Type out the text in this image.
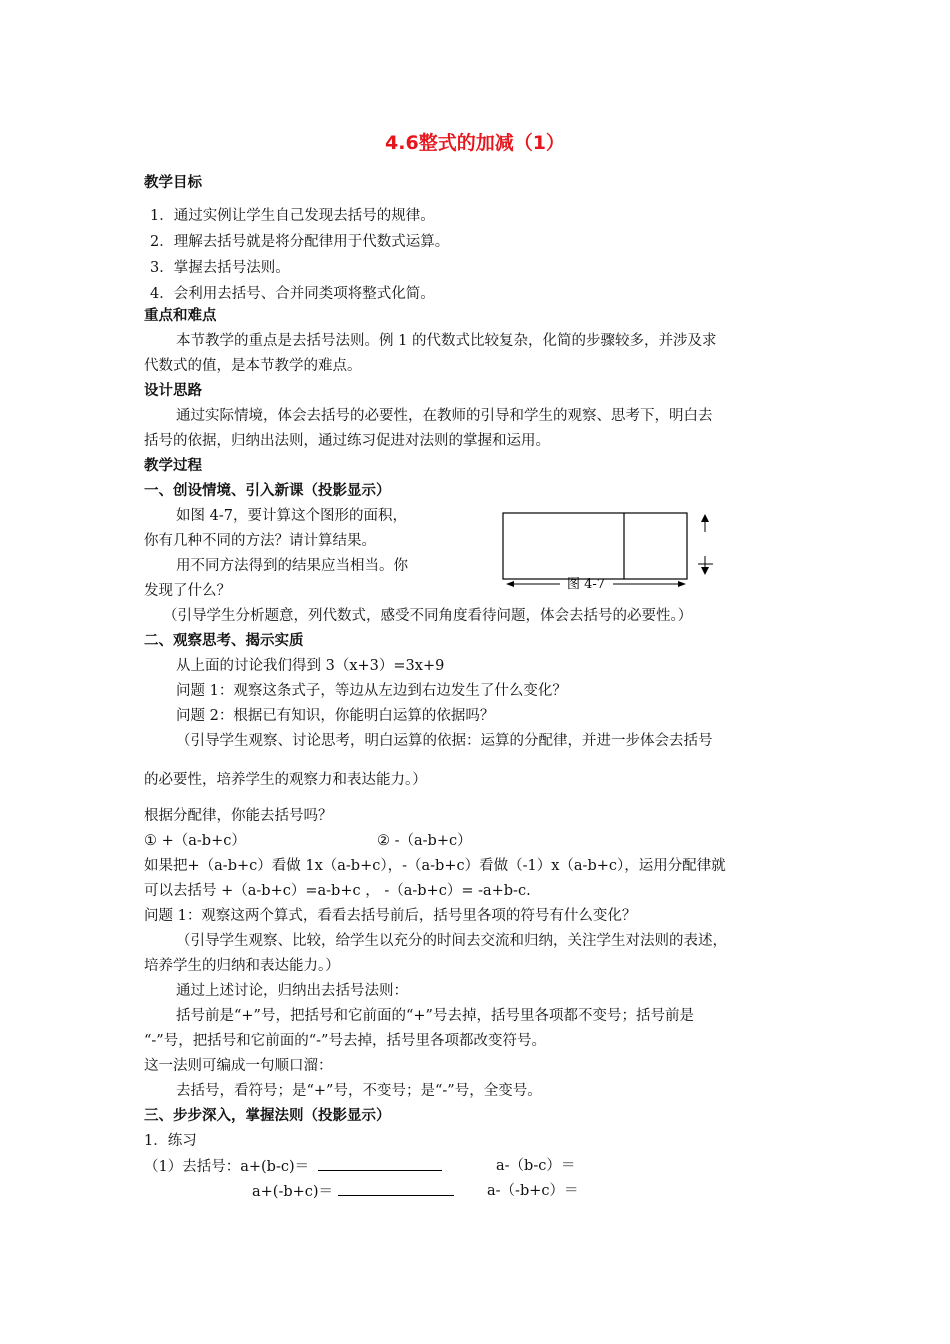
4.6整式的加减（1）
教学目标
1．通过实例让学生自己发现去括号的规律。
2．理解去括号就是将分配律用于代数式运算。
3．掌握去括号法则。
4．会利用去括号、合并同类项将整式化简。
重点和难点
本节教学的重点是去括号法则。例 1 的代数式比较复杂，化简的步骤较多，并涉及求
代数式的值，是本节教学的难点。
设计思路
通过实际情境，体会去括号的必要性，在教师的引导和学生的观察、思考下，明白去
括号的依据，归纳出法则，通过练习促进对法则的掌握和运用。
教学过程
一、创设情境、引入新课（投影显示）
如图 4-7，要计算这个图形的面积，
你有几种不同的方法？请计算结果。
用不同方法得到的结果应当相当。你
发现了什么？
（引导学生分析题意，列代数式，感受不同角度看待问题，体会去括号的必要性。）
图 4-7
二、观察思考、揭示实质
从上面的讨论我们得到 3（x+3）=3x+9
问题 1：观察这条式子，等边从左边到右边发生了什么变化？
问题 2：根据已有知识，你能明白运算的依据吗？
（引导学生观察、讨论思考，明白运算的依据：运算的分配律，并进一步体会去括号
的必要性，培养学生的观察力和表达能力。）
根据分配律，你能去括号吗？
① +（a-b+c）	② -（a-b+c）
如果把+（a-b+c）看做 1x（a-b+c），-（a-b+c）看做（-1）x（a-b+c），运用分配律就
可以去括号 +（a-b+c）=a-b+c ， -（a-b+c）= -a+b-c.
问题 1：观察这两个算式，看看去括号前后，括号里各项的符号有什么变化？
（引导学生观察、比较，给学生以充分的时间去交流和归纳，关注学生对法则的表述，
培养学生的归纳和表达能力。）
通过上述讨论，归纳出去括号法则：
括号前是“+”号，把括号和它前面的“+”号去掉，括号里各项都不变号；括号前是
“-”号，把括号和它前面的“-”号去掉，括号里各项都改变符号。
这一法则可编成一句顺口溜：
去括号，看符号；是“+”号，不变号；是“-”号，全变号。
三、步步深入，掌握法则（投影显示）
1．练习
（1）去括号：a+(b-c)＝	a-（b-c）＝
a+(-b+c)＝	a-（-b+c）＝
